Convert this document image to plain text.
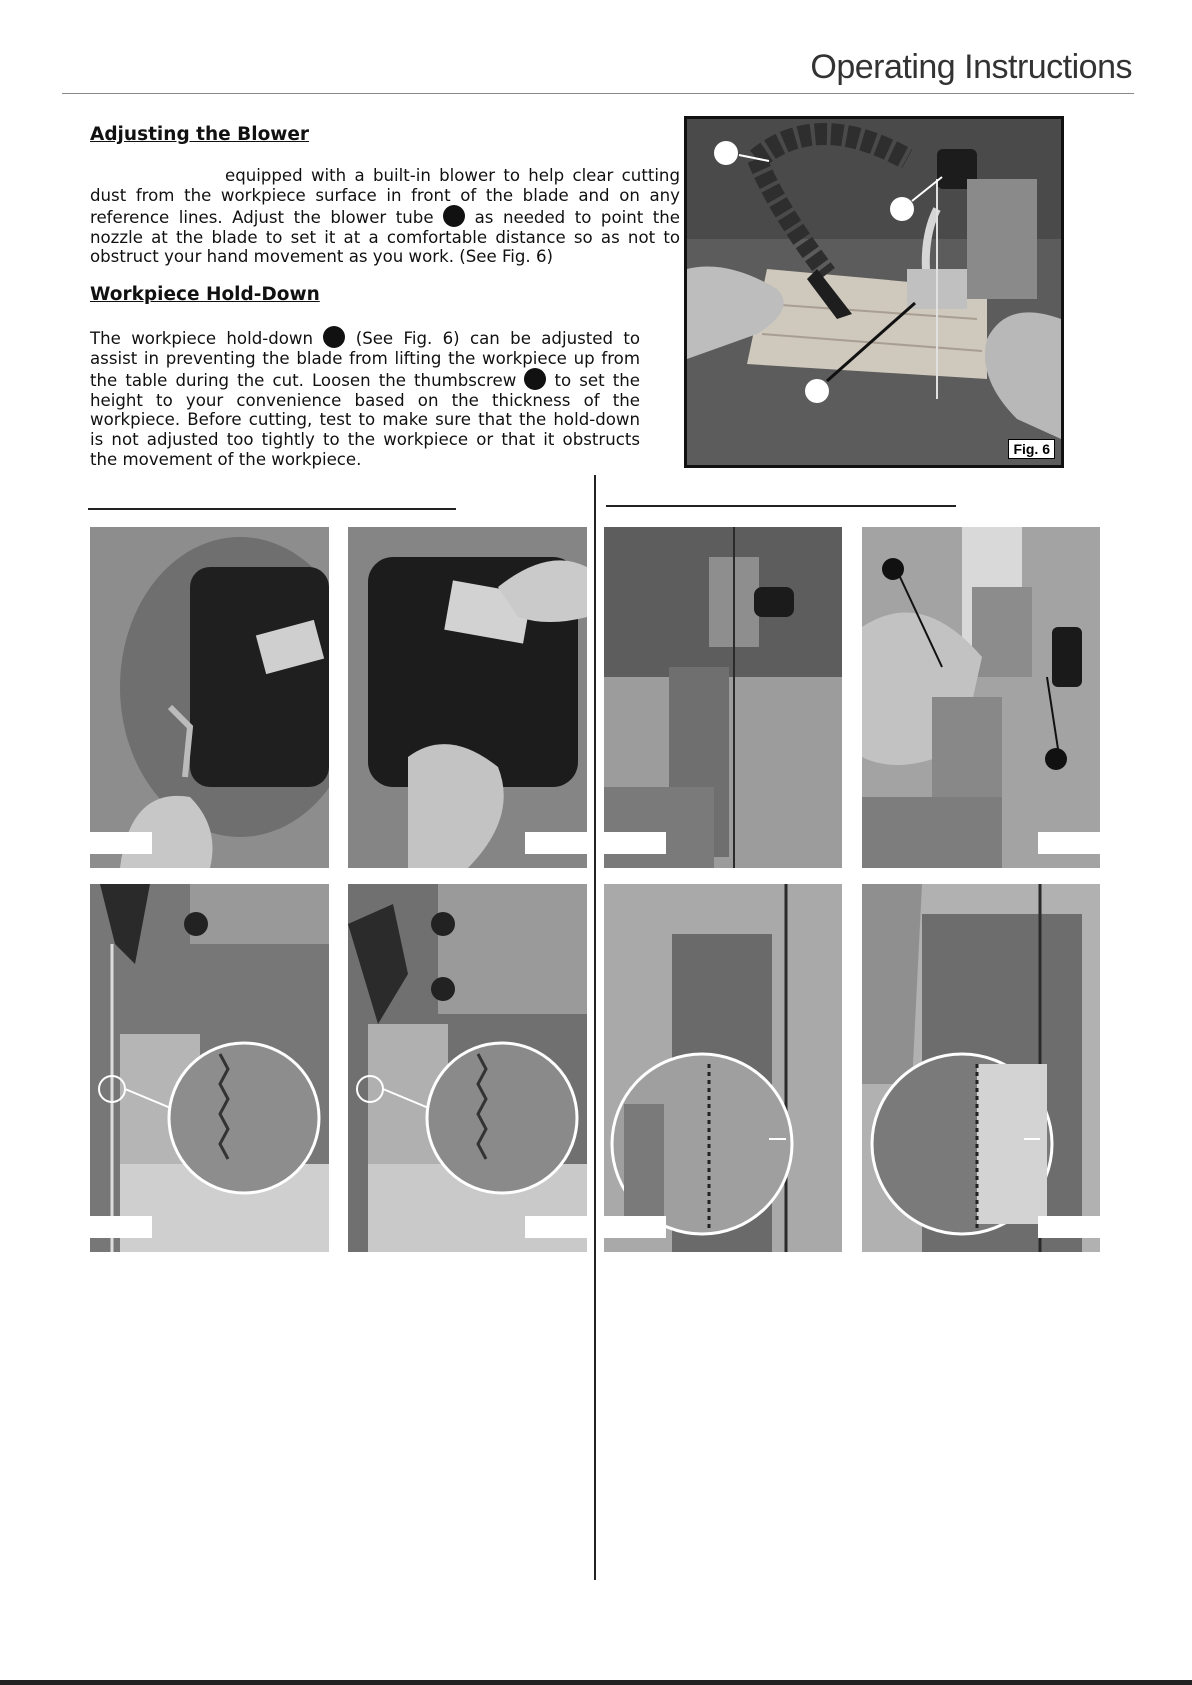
Operating Instructions
Adjusting the Blower
equipped with a built-in blower to help clear cutting dust from the workpiece surface in front of the blade and on any reference lines. Adjust the blower tube as needed to point the nozzle at the blade to set it at a comfortable distance so as not to obstruct your hand movement as you work. (See Fig. 6)
Workpiece Hold-Down
The workpiece hold-down	(See Fig. 6) can be adjusted to assist in preventing the blade from lifting the workpiece up from the table during the cut. Loosen the thumbscrew to set the height to your convenience based on the thickness of the workpiece. Before cutting, test to make sure that the hold-down is not adjusted too tightly to the workpiece or that it obstructs the movement of the workpiece.
Fig. 6
